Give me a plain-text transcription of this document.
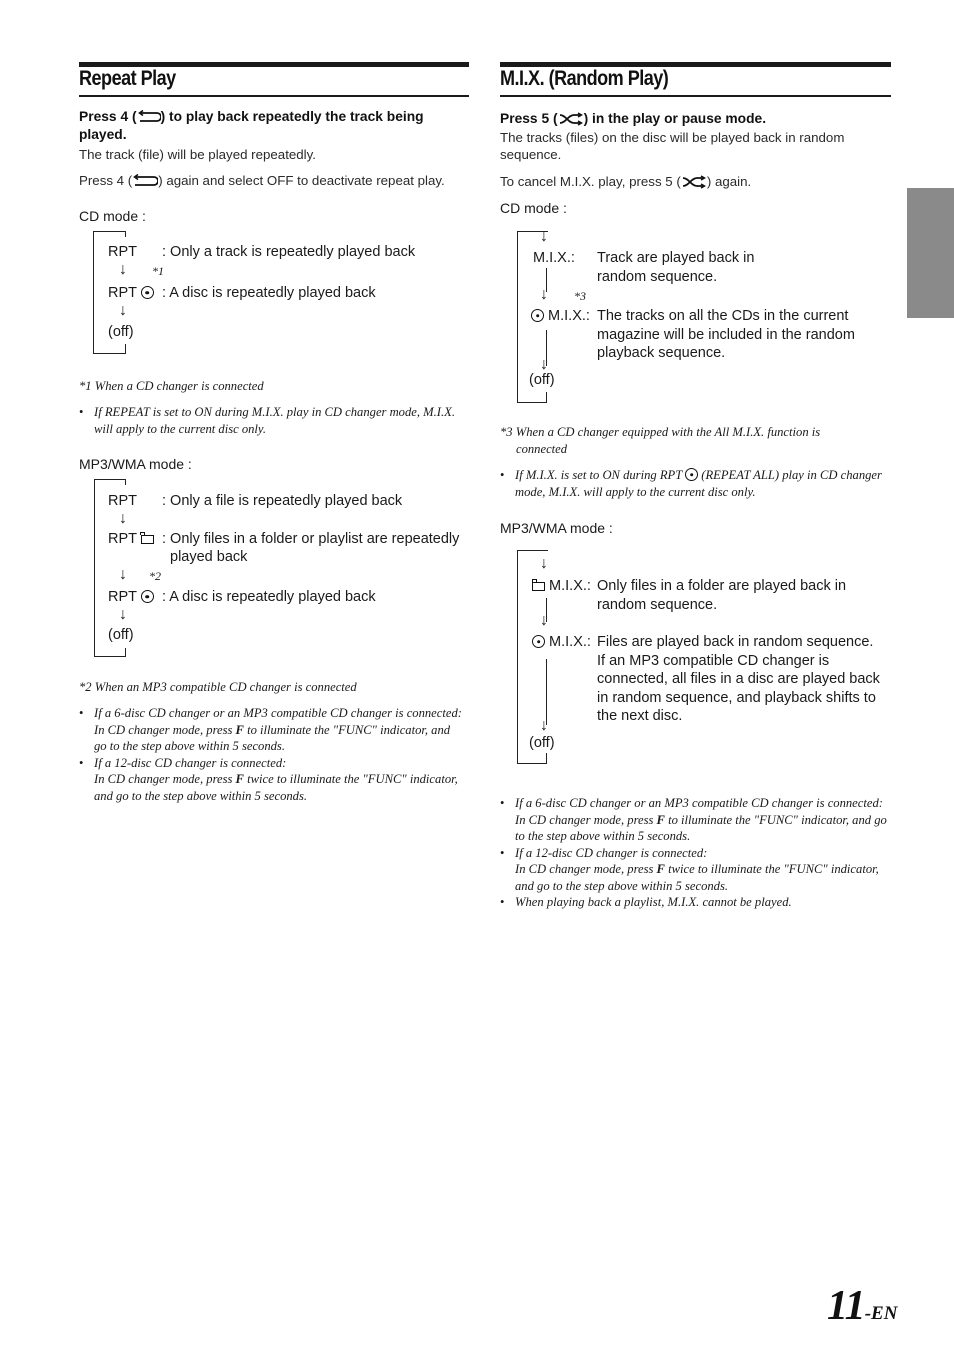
Repeat Play
Press 4 ( ) to play back repeatedly the track being played.
The track (file) will be played repeatedly.
Press 4 ( ) again and select OFF to deactivate repeat play.
CD mode :
RPT : Only a track is repeatedly played back
↓ *1
RPT	: A disc is repeatedly played back
↓
(off)
*1 When a CD changer is connected
• If REPEAT is set to ON during M.I.X. play in CD changer mode, M.I.X. will apply to the current disc only.
MP3/WMA mode :
RPT : Only a file is repeatedly played back
↓
RPT	: Only files in a folder or playlist are repeatedly
played back
↓ *2
RPT	: A disc is repeatedly played back
↓
(off)
*2 When an MP3 compatible CD changer is connected
• If a 6-disc CD changer or an MP3 compatible CD changer is connected:
In CD changer mode, press F to illuminate the "FUNC" indicator, and go to the step above within 5 seconds.
• If a 12-disc CD changer is connected:
In CD changer mode, press F twice to illuminate the "FUNC" indicator, and go to the step above within 5 seconds.
M.I.X. (Random Play)
Press 5 ( ) in the play or pause mode.
The tracks (files) on the disc will be played back in random sequence.
To cancel M.I.X. play, press 5 ( ) again.
CD mode :
↓
↓
↓
M.I.X.: Track are played back in
random sequence.
*3
M.I.X.: The tracks on all the CDs in the current
magazine will be included in the random
playback sequence.
(off)
*3 When a CD changer equipped with the All M.I.X. function is
connected
• If M.I.X. is set to ON during RPT  (REPEAT ALL) play in CD changer mode, M.I.X. will apply to the current disc only.
MP3/WMA mode :
↓
↓
↓
M.I.X.: Only files in a folder are played back in
random sequence.
M.I.X.: Files are played back in random sequence.
If an MP3 compatible CD changer is
connected, all files in a disc are played back
in random sequence, and playback shifts to
the next disc.
(off)
• If a 6-disc CD changer or an MP3 compatible CD changer is connected:
In CD changer mode, press F to illuminate the "FUNC" indicator, and go to the step above within 5 seconds.
• If a 12-disc CD changer is connected:
In CD changer mode, press F twice to illuminate the "FUNC" indicator, and go to the step above within 5 seconds.
• When playing back a playlist, M.I.X. cannot be played.
11-EN
